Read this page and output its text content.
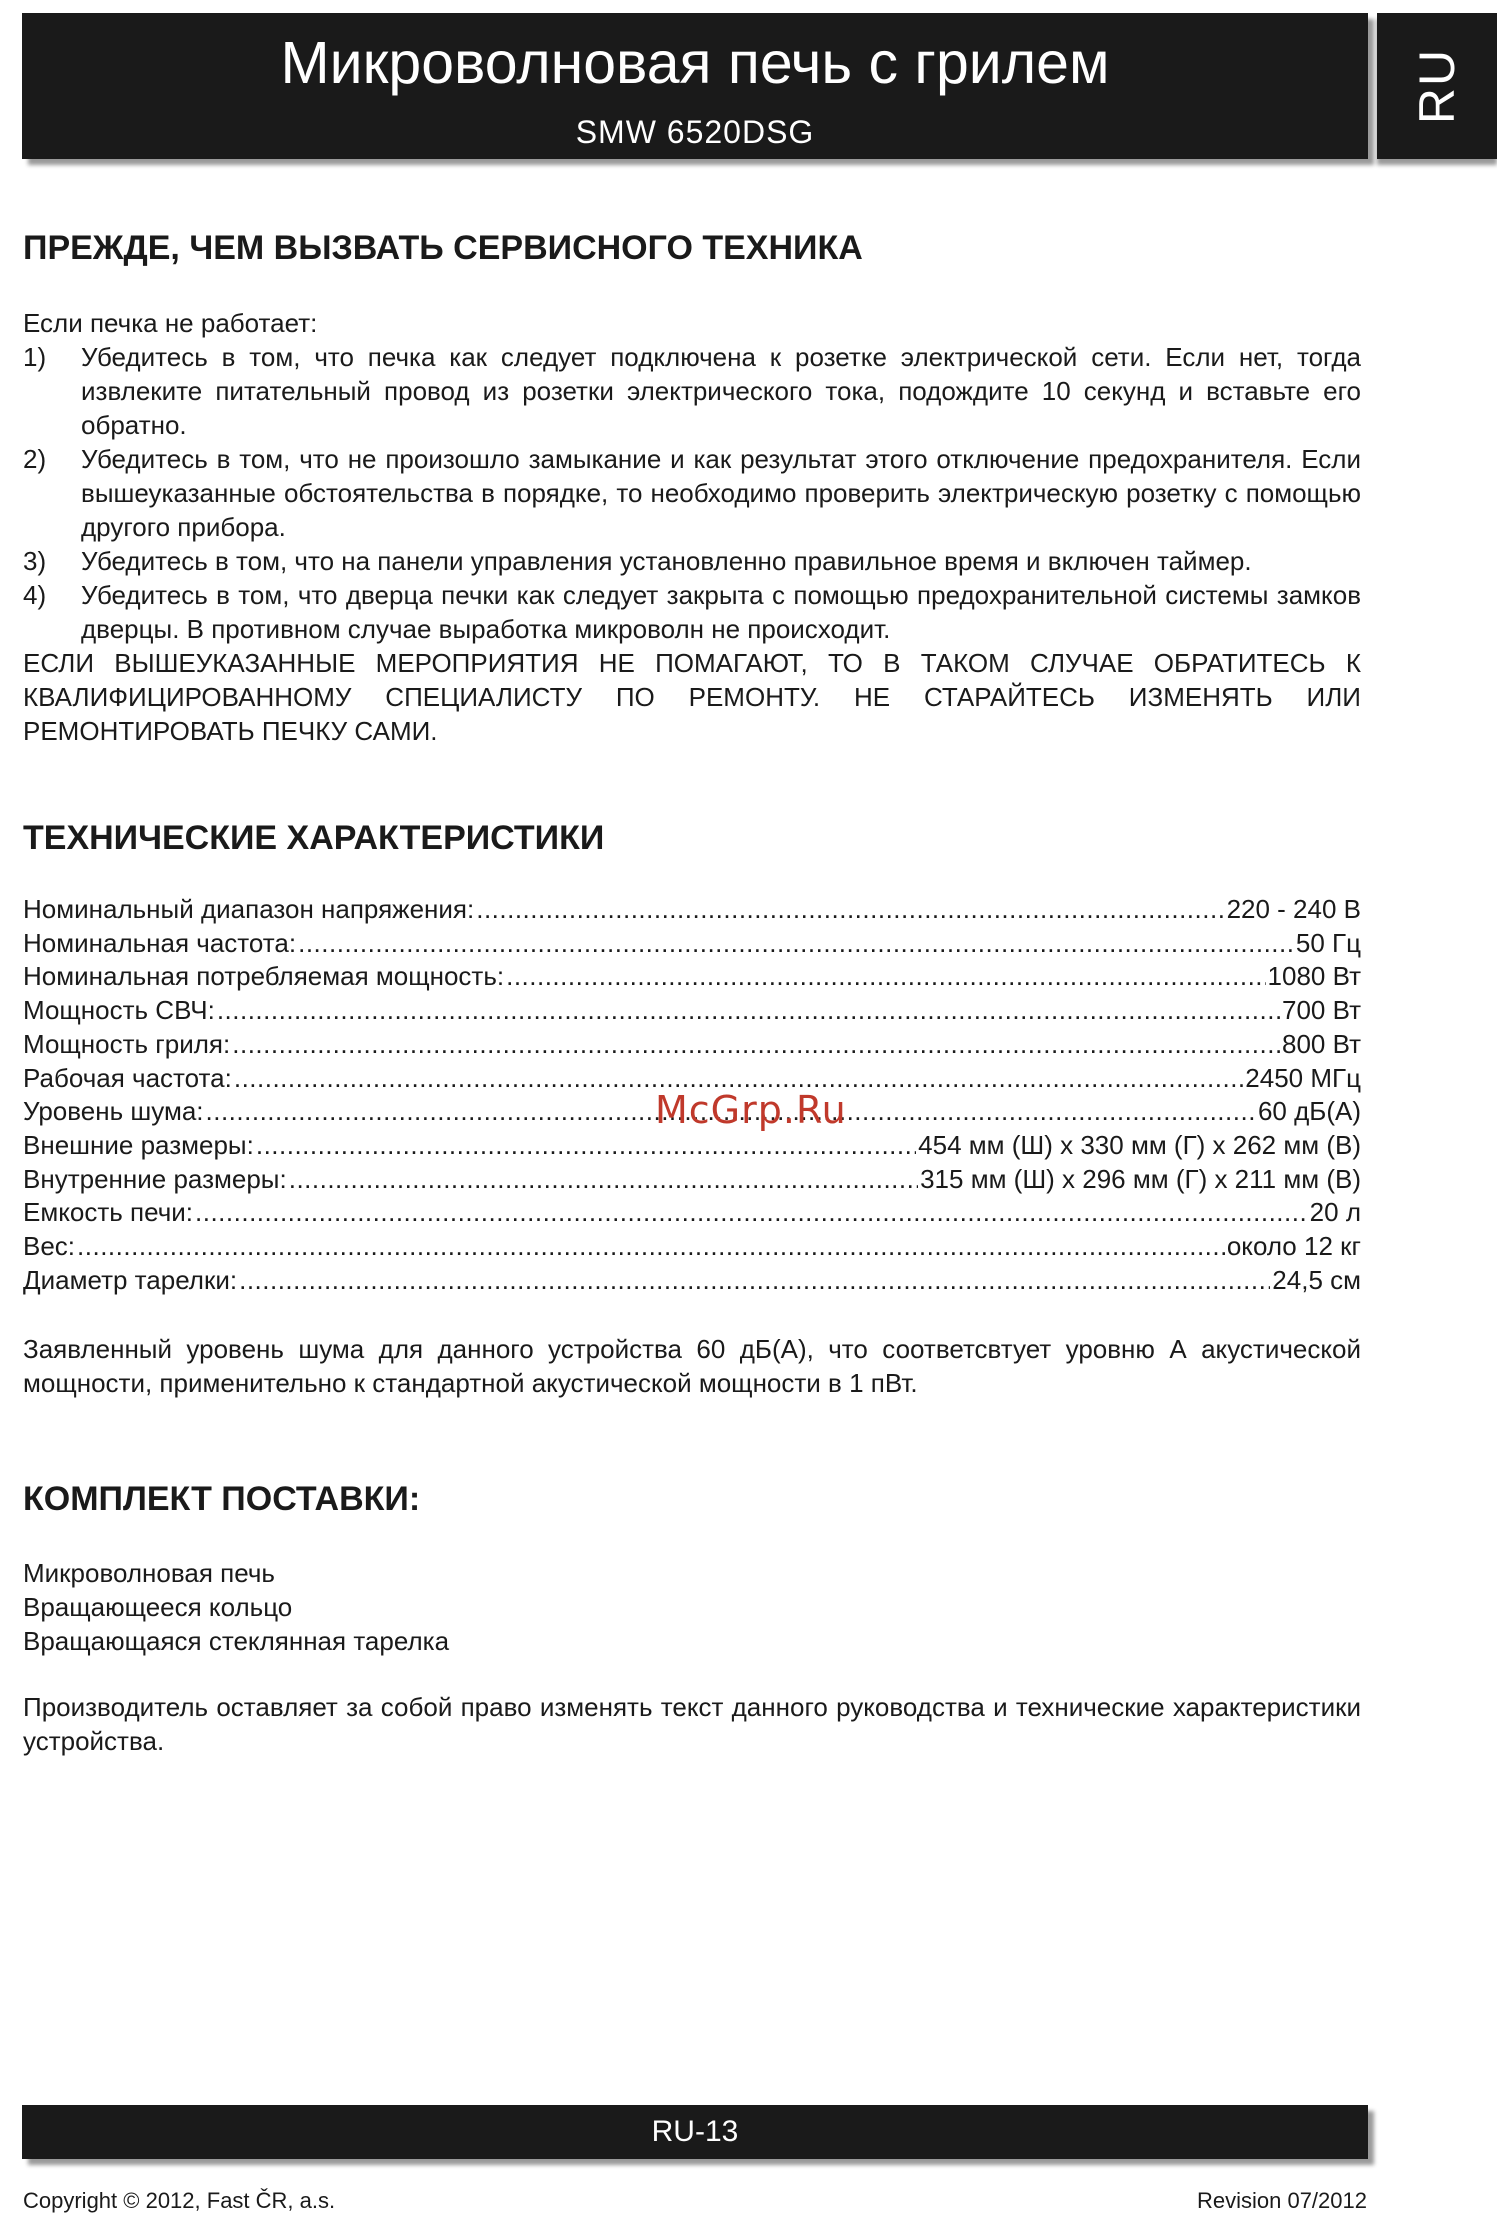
Микроволновая печь с грилем
SMW 6520DSG
RU
ПРЕЖДЕ, ЧЕМ ВЫЗВАТЬ СЕРВИСНОГО ТЕХНИКА
Если печка не работает:
1)	Убедитесь в том, что печка как следует подключена к розетке электрической сети. Если нет, тогда извлеките питательный провод из розетки электрического тока, подождите 10 секунд и вставьте его обратно.
2)	Убедитесь в том, что не произошло замыкание и как результат этого отключение предохранителя. Если вышеуказанные обстоятельства в порядке, то необходимо проверить электрическую розетку с помощью другого прибора.
3)	Убедитесь в том, что на панели управления установленно правильное время и включен таймер.
4)	Убедитесь в том, что дверца печки как следует закрыта с помощью предохранительной системы замков дверцы. В противном случае выработка микроволн не происходит.
ЕСЛИ ВЫШЕУКАЗАННЫЕ МЕРОПРИЯТИЯ НЕ ПОМАГАЮТ, ТО В ТАКОМ СЛУЧАЕ ОБРАТИТЕСЬ К КВАЛИФИЦИРОВАННОМУ СПЕЦИАЛИСТУ ПО РЕМОНТУ. НЕ СТАРАЙТЕСЬ ИЗМЕНЯТЬ ИЛИ РЕМОНТИРОВАТЬ ПЕЧКУ САМИ.
ТЕХНИЧЕСКИЕ ХАРАКТЕРИСТИКИ
Номинальный диапазон напряжения: .....	220 - 240 В
Номинальная частота: .....	50 Гц
Номинальная потребляемая мощность: .....	1080 Вт
Мощность СВЧ: .....	700 Вт
Мощность гриля: .....	800 Вт
Рабочая частота: .....	2450 МГц
Уровень шума: .....	60 дБ(А)
Внешние размеры: .....	454 мм (Ш) x 330 мм (Г) x 262 мм (В)
Внутренние размеры: .....	315 мм (Ш) x 296 мм (Г) x 211 мм (В)
Емкость печи: .....	20 л
Вес: .....	около 12 кг
Диаметр тарелки: .....	24,5 см
McGrp.Ru
Заявленный уровень шума для данного устройства 60 дБ(А), что соответсвтует уровню А акустической мощности, применительно к стандартной акустической мощности в 1 пВт.
КОМПЛЕКТ ПОСТАВКИ:
Микроволновая печь
Вращающееся кольцо
Вращающаяся стеклянная тарелка
Производитель оставляет за собой право изменять текст данного руководства и технические характеристики устройства.
RU-13
Copyright © 2012, Fast ČR, a.s.	Revision 07/2012
